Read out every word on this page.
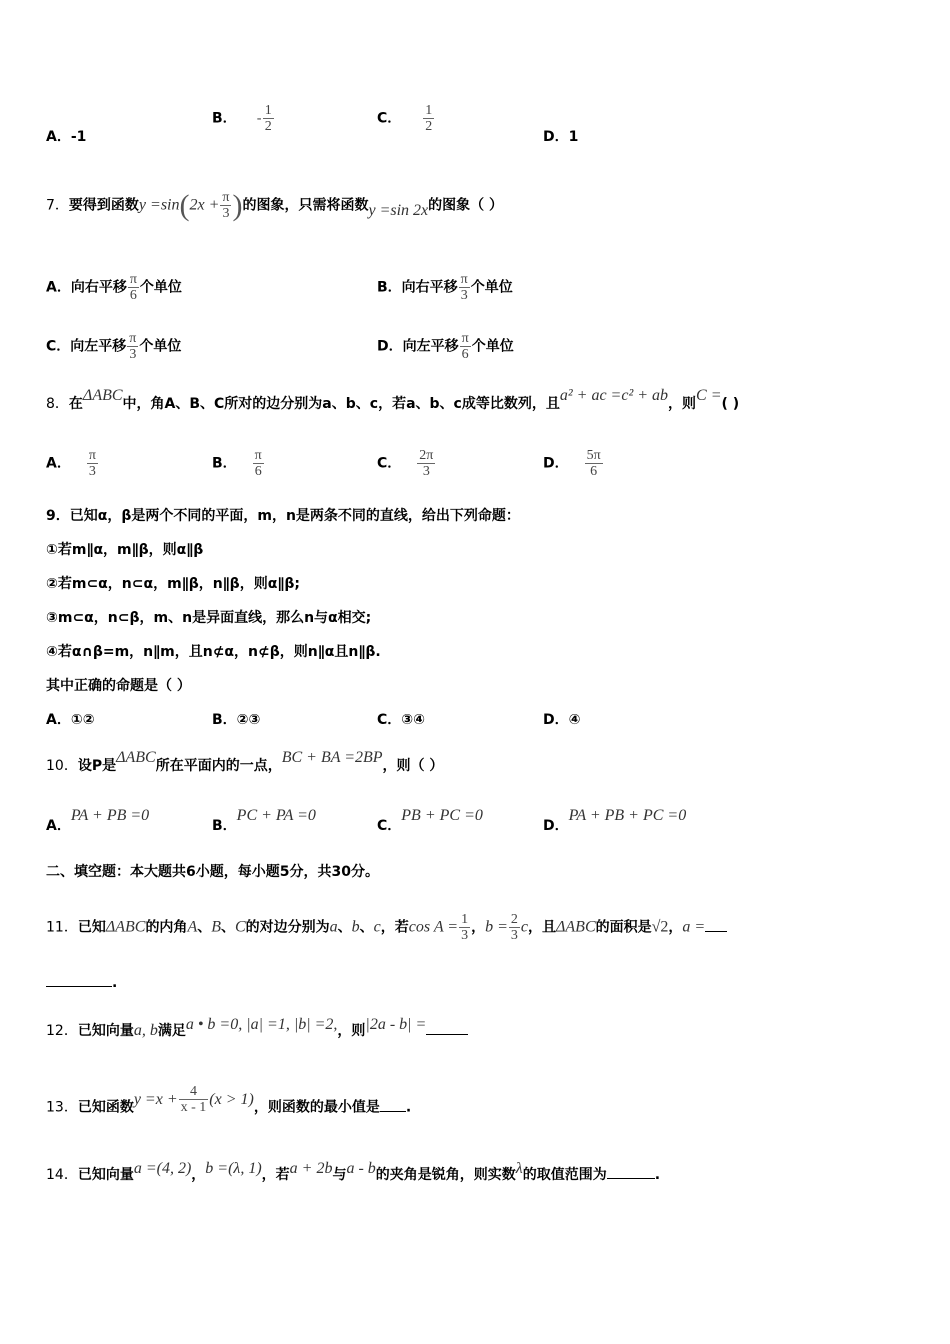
A．-1
B． - $\frac{1}{2}$	C． $\frac{1}{2}$
D．1
7．要得到函数$y =\sin(2x + \frac{\pi}{3}$ )的图象，只需将函数y =sin 2x的图象（ ）
A．向右平移 $\frac{\pi}{6}$ 个单位	B．向右平移 $\frac{\pi}{3}$ 个单位
C．向左平移 $\frac{\pi}{3}$ 个单位	D．向左平移 $\frac{\pi}{6}$ 个单位
8．在ΔABC中，角A、B、C所对的边分别为a、b、c，若a、b、c成等比数列，且a² + ac =c² + ab，则C =( )
A． $\frac{\pi}{3}$	B． $\frac{\pi}{6}$	C． $\frac{2\pi}{3}$	D． $\frac{5\pi}{6}$
9．已知α，β是两个不同的平面，m，n是两条不同的直线，给出下列命题：
①若m∥α，m∥β，则α∥β
②若m⊂α，n⊂α，m∥β，n∥β，则α∥β;
③m⊂α，n⊂β，m、n是异面直线，那么n与α相交;
④若α∩β=m，n∥m，且n⊄α，n⊄β，则n∥α且n∥β.
其中正确的命题是（ ）
A．①②	B．②③	C．③④	D．④
10．设P是ΔABC所在平面内的一点，BC + BA =2BP，则（ ）
A．PA + PB =0
B．PC + PA =0
C．PB + PC =0
D．PA + PB + PC =0
二、填空题：本大题共6小题，每小题5分，共30分。
11．已知ΔABC的内角A、B、C的对边分别为a、b、c，若$\cos A = \frac{1}{3}$ ，$b = \frac{2}{3}$ c，且ΔABC的面积是√2，a =
.
12．已知向量a, b满足a • b =0, |a| =1, |b| =2,，则|2a - b| =
13．已知函数$y =x + \frac{4}{x - 1} (x > 1)$，则函数的最小值是 .
14．已知向量a =(4, 2)，b =(λ, 1)，若a + 2b与a - b的夹角是锐角，则实数λ的取值范围为	.
